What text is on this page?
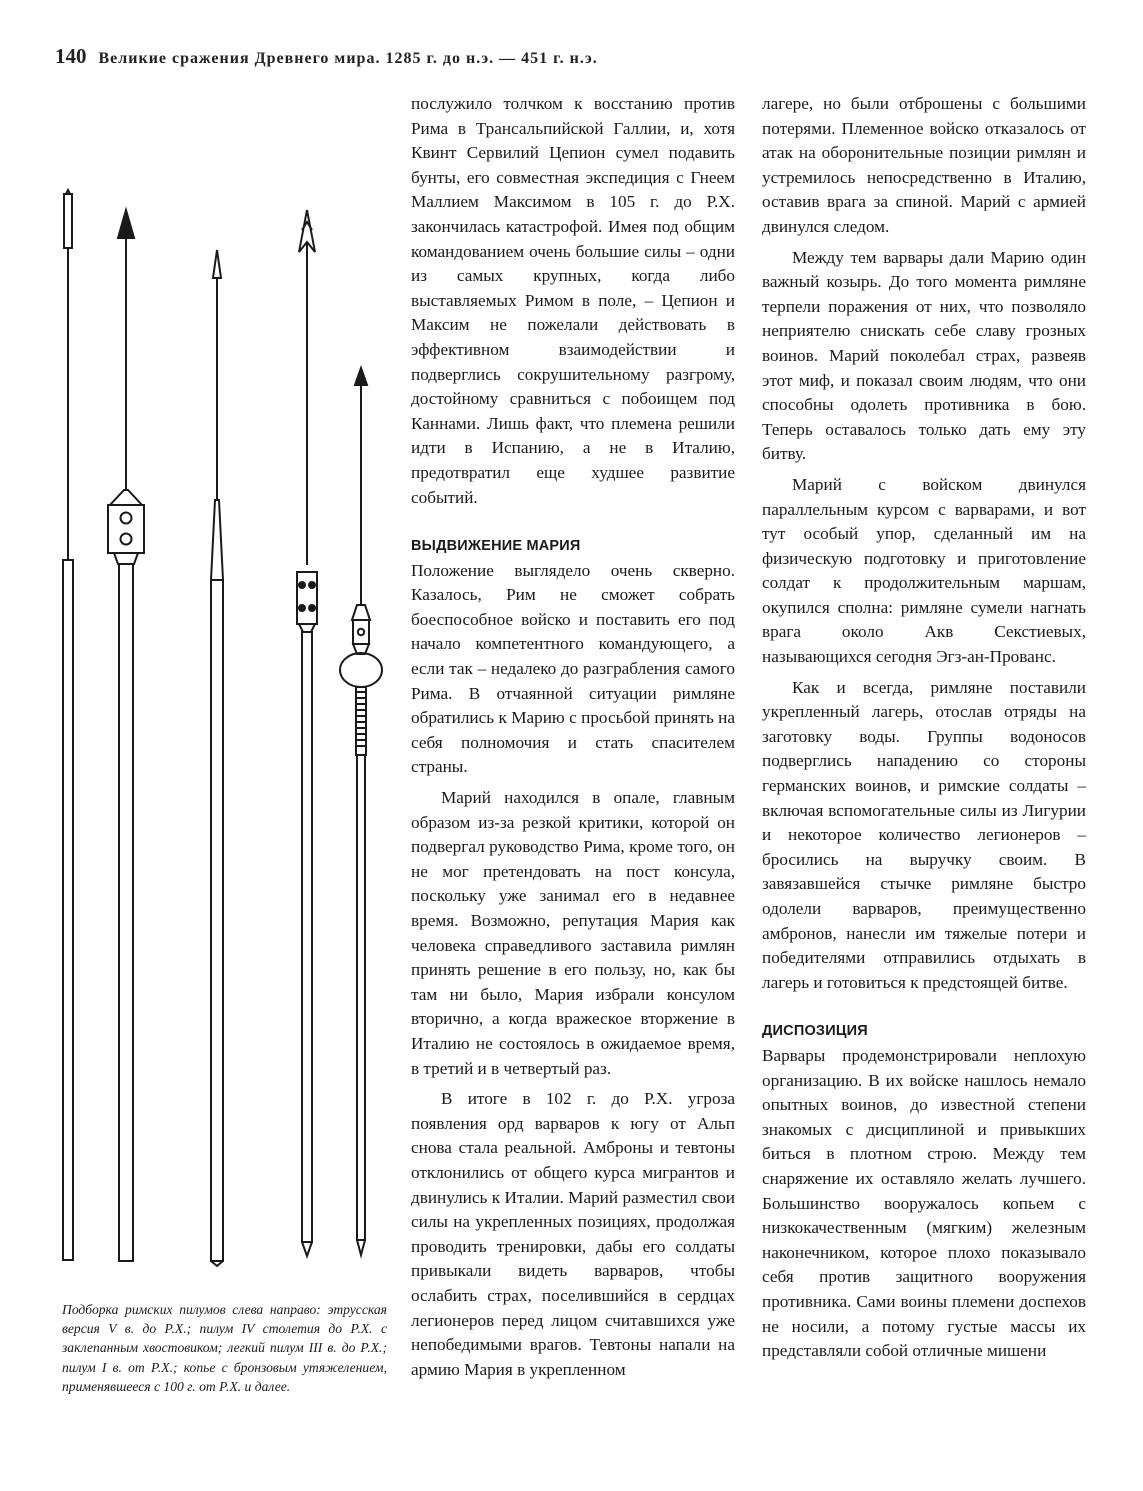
140 Великие сражения Древнего мира. 1285 г. до н.э. — 451 г. н.э.
Подборка римских пилумов слева направо: этрусская версия V в. до Р.Х.; пилум IV столетия до Р.Х. с заклепанным хвостовиком; легкий пилум III в. до Р.Х.; пилум I в. от Р.Х.; копье с бронзовым утяжелением, применявшееся с 100 г. от Р.Х. и далее.

послужило толчком к восстанию против Рима в Трансальпийской Галлии, и, хотя Квинт Сервилий Цепион сумел подавить бунты, его совместная экспедиция с Гнеем Маллием Максимом в 105 г. до Р.Х. закончилась катастрофой. Имея под общим командованием очень большие силы – одни из самых крупных, когда либо выставляемых Римом в поле, – Цепион и Максим не пожелали действовать в эффективном взаимодействии и подверглись сокрушительному разгрому, достойному сравниться с побоищем под Каннами. Лишь факт, что племена решили идти в Испанию, а не в Италию, предотвратил еще худшее развитие событий.

ВЫДВИЖЕНИЕ МАРИЯ

Положение выглядело очень скверно. Казалось, Рим не сможет собрать боеспособное войско и поставить его под начало компетентного командующего, а если так – недалеко до разграбления самого Рима. В отчаянной ситуации римляне обратились к Марию с просьбой принять на себя полномочия и стать спасителем страны.

Марий находился в опале, главным образом из-за резкой критики, которой он подвергал руководство Рима, кроме того, он не мог претендовать на пост консула, поскольку уже занимал его в недавнее время. Возможно, репутация Мария как человека справедливого заставила римлян принять решение в его пользу, но, как бы там ни было, Мария избрали консулом вторично, а когда вражеское вторжение в Италию не состоялось в ожидаемое время, в третий и в четвертый раз.

В итоге в 102 г. до Р.Х. угроза появления орд варваров к югу от Альп снова стала реальной. Амброны и тевтоны отклонились от общего курса мигрантов и двинулись к Италии. Марий разместил свои силы на укрепленных позициях, продолжая проводить тренировки, дабы его солдаты привыкали видеть варваров, чтобы ослабить страх, поселившийся в сердцах легионеров перед лицом считавшихся уже непобедимыми врагов. Тевтоны напали на армию Мария в укрепленном

лагере, но были отброшены с большими потерями. Племенное войско отказалось от атак на оборонительные позиции римлян и устремилось непосредственно в Италию, оставив врага за спиной. Марий с армией двинулся следом.

Между тем варвары дали Марию один важный козырь. До того момента римляне терпели поражения от них, что позволяло неприятелю снискать себе славу грозных воинов. Марий поколебал страх, развеяв этот миф, и показал своим людям, что они способны одолеть противника в бою. Теперь оставалось только дать ему эту битву.

Марий с войском двинулся параллельным курсом с варварами, и вот тут особый упор, сделанный им на физическую подготовку и приготовление солдат к продолжительным маршам, окупился сполна: римляне сумели нагнать врага около Акв Секстиевых, называющихся сегодня Эгз-ан-Прованс.

Как и всегда, римляне поставили укрепленный лагерь, отослав отряды на заготовку воды. Группы водоносов подверглись нападению со стороны германских воинов, и римские солдаты – включая вспомогательные силы из Лигурии и некоторое количество легионеров – бросились на выручку своим. В завязавшейся стычке римляне быстро одолели варваров, преимущественно амбронов, нанесли им тяжелые потери и победителями отправились отдыхать в лагерь и готовиться к предстоящей битве.

ДИСПОЗИЦИЯ

Варвары продемонстрировали неплохую организацию. В их войске нашлось немало опытных воинов, до известной степени знакомых с дисциплиной и привыкших биться в плотном строю. Между тем снаряжение их оставляло желать лучшего. Большинство вооружалось копьем с низкокачественным (мягким) железным наконечником, которое плохо показывало себя против защитного вооружения противника. Сами воины племени доспехов не носили, а потому густые массы их представляли собой отличные мишени
